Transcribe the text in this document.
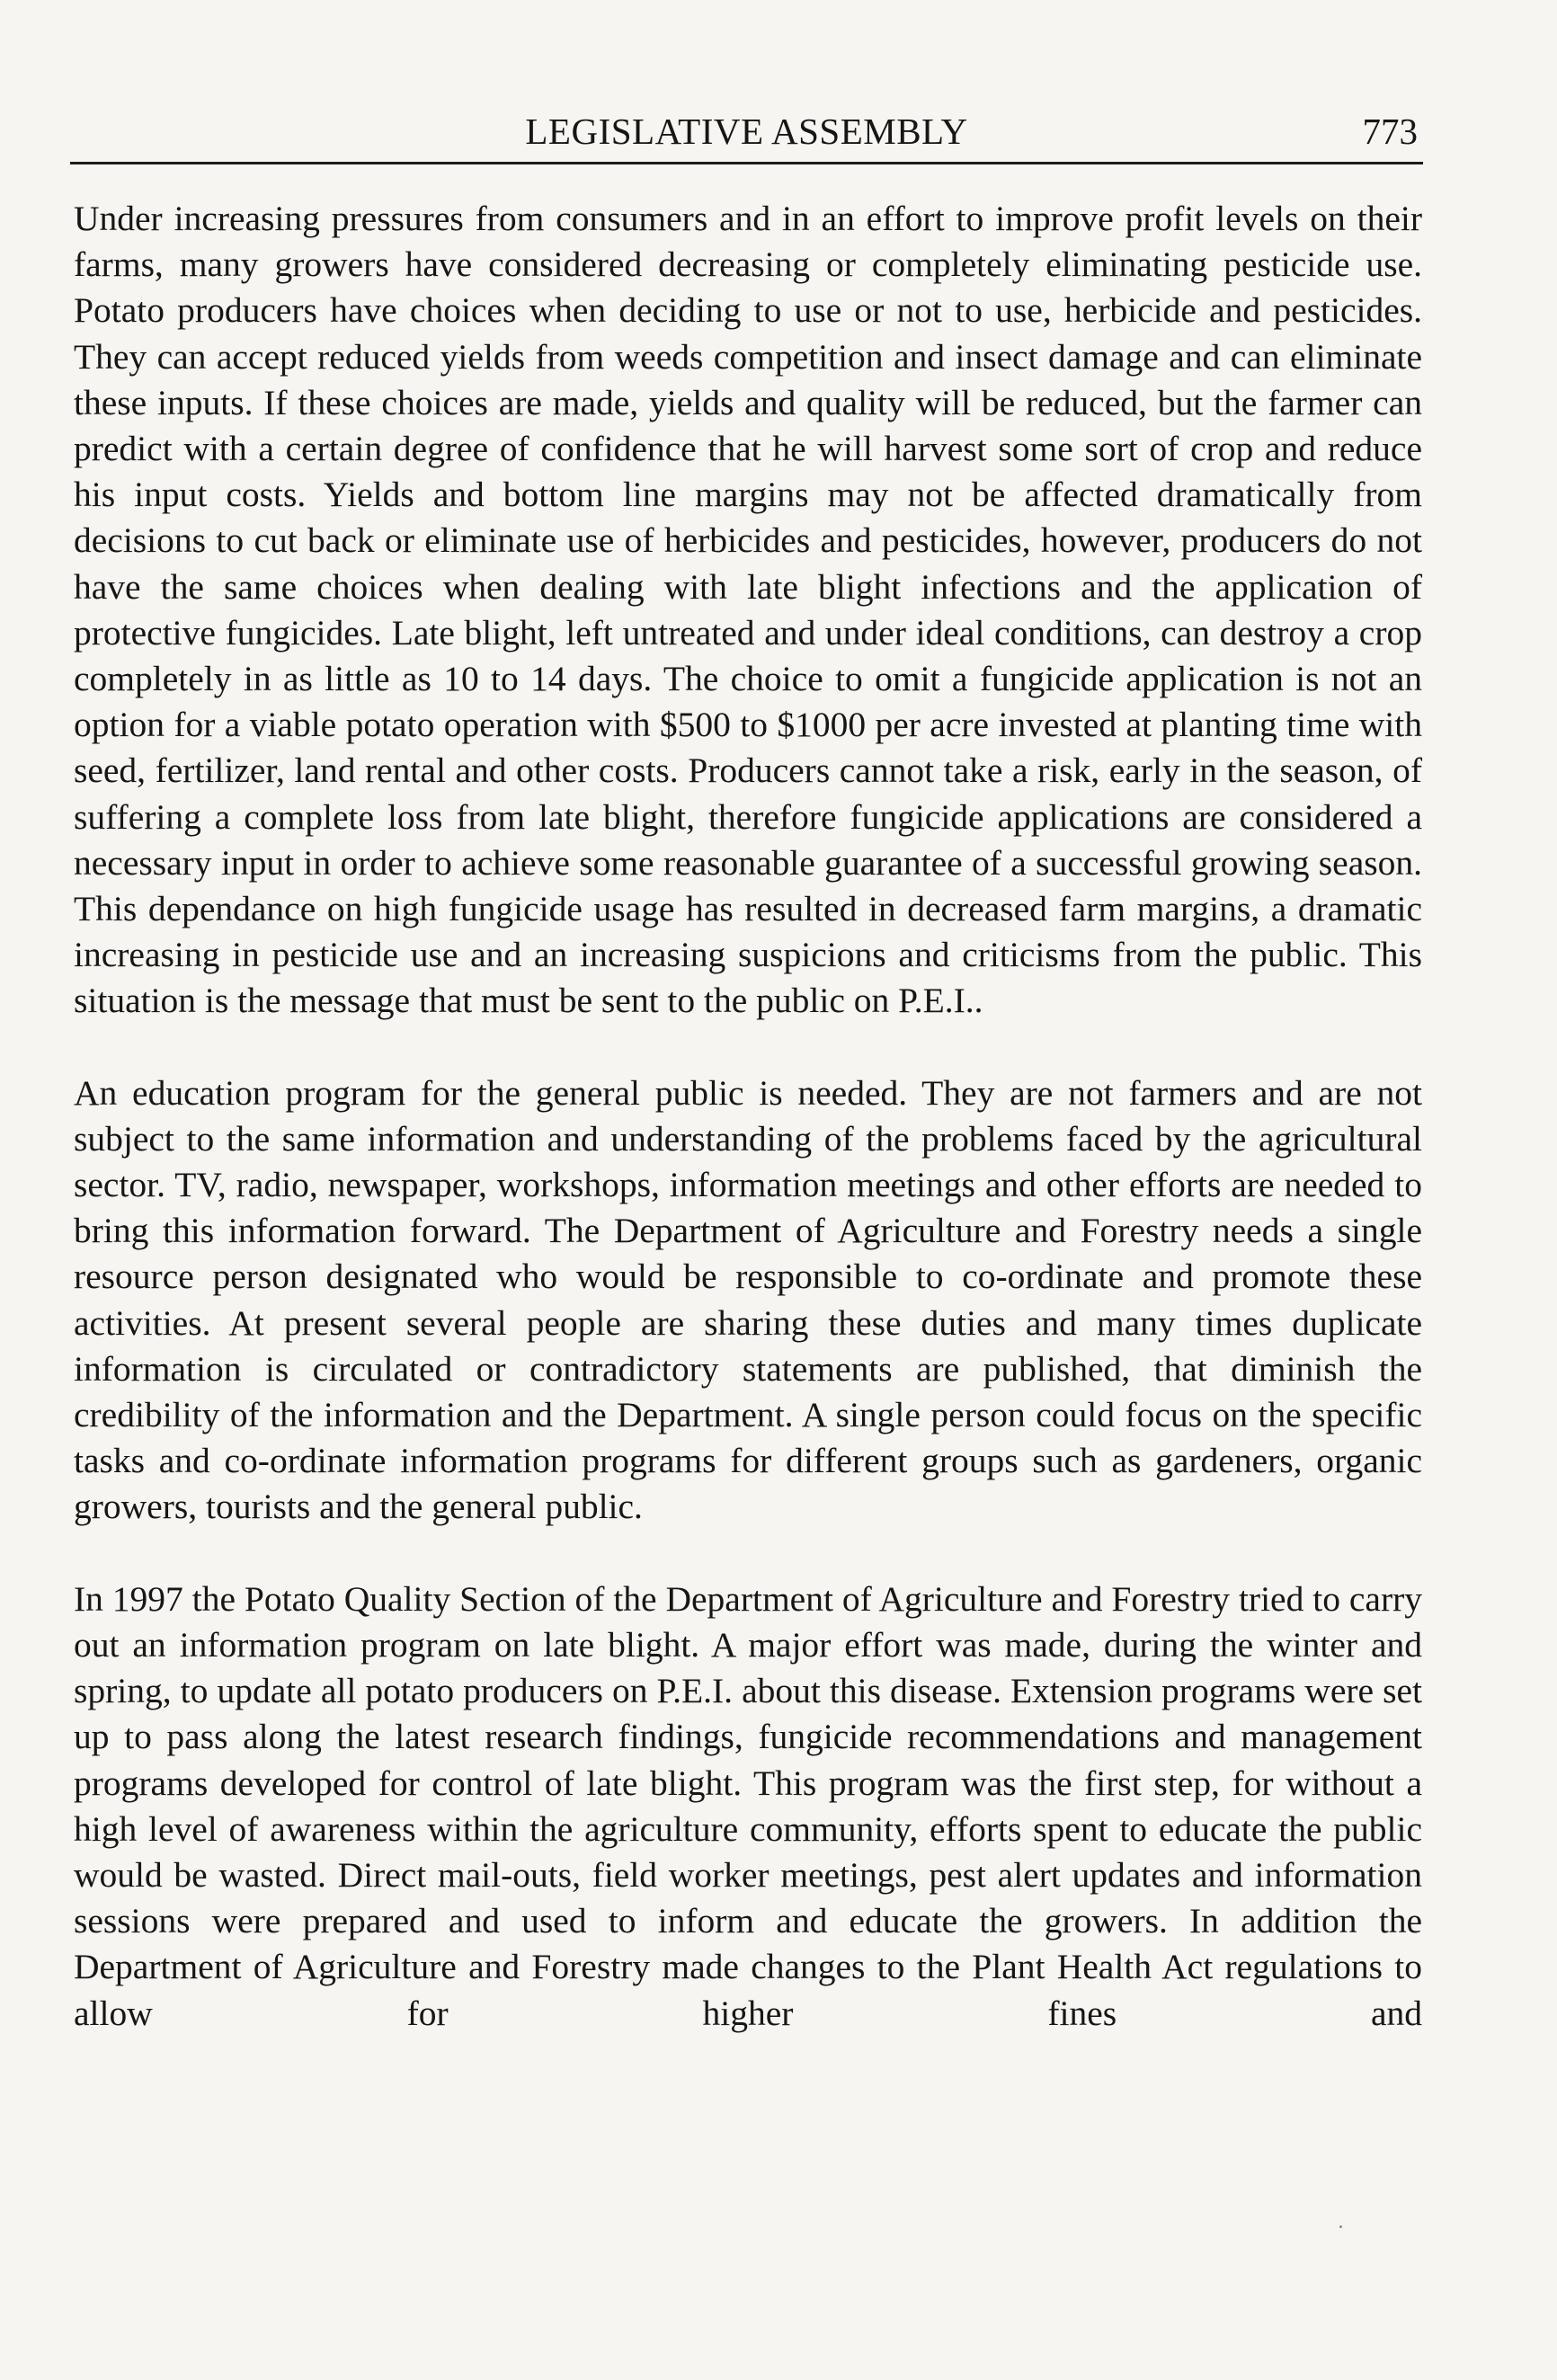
LEGISLATIVE ASSEMBLY	773

Under increasing pressures from consumers and in an effort to improve profit levels on their farms, many growers have considered decreasing or completely eliminating pesticide use. Potato producers have choices when deciding to use or not to use, herbicide and pesticides. They can accept reduced yields from weeds competition and insect damage and can eliminate these inputs. If these choices are made, yields and quality will be reduced, but the farmer can predict with a certain degree of confidence that he will harvest some sort of crop and reduce his input costs. Yields and bottom line margins may not be affected dramatically from decisions to cut back or eliminate use of herbicides and pesticides, however, producers do not have the same choices when dealing with late blight infections and the application of protective fungicides. Late blight, left untreated and under ideal conditions, can destroy a crop completely in as little as 10 to 14 days. The choice to omit a fungicide application is not an option for a viable potato operation with $500 to $1000 per acre invested at planting time with seed, fertilizer, land rental and other costs. Producers cannot take a risk, early in the season, of suffering a complete loss from late blight, therefore fungicide applications are considered a necessary input in order to achieve some reasonable guarantee of a successful growing season. This dependance on high fungicide usage has resulted in decreased farm margins, a dramatic increasing in pesticide use and an increasing suspicions and criticisms from the public. This situation is the message that must be sent to the public on P.E.I..

An education program for the general public is needed. They are not farmers and are not subject to the same information and understanding of the problems faced by the agricultural sector. TV, radio, newspaper, workshops, information meetings and other efforts are needed to bring this information forward. The Department of Agriculture and Forestry needs a single resource person designated who would be responsible to co-ordinate and promote these activities. At present several people are sharing these duties and many times duplicate information is circulated or contradictory statements are published, that diminish the credibility of the information and the Department. A single person could focus on the specific tasks and co-ordinate information programs for different groups such as gardeners, organic growers, tourists and the general public.

In 1997 the Potato Quality Section of the Department of Agriculture and Forestry tried to carry out an information program on late blight. A major effort was made, during the winter and spring, to update all potato producers on P.E.I. about this disease. Extension programs were set up to pass along the latest research findings, fungicide recommendations and management programs developed for control of late blight. This program was the first step, for without a high level of awareness within the agriculture community, efforts spent to educate the public would be wasted. Direct mail-outs, field worker meetings, pest alert updates and information sessions were prepared and used to inform and educate the growers. In addition the Department of Agriculture and Forestry made changes to the Plant Health Act regulations to allow for higher fines and
